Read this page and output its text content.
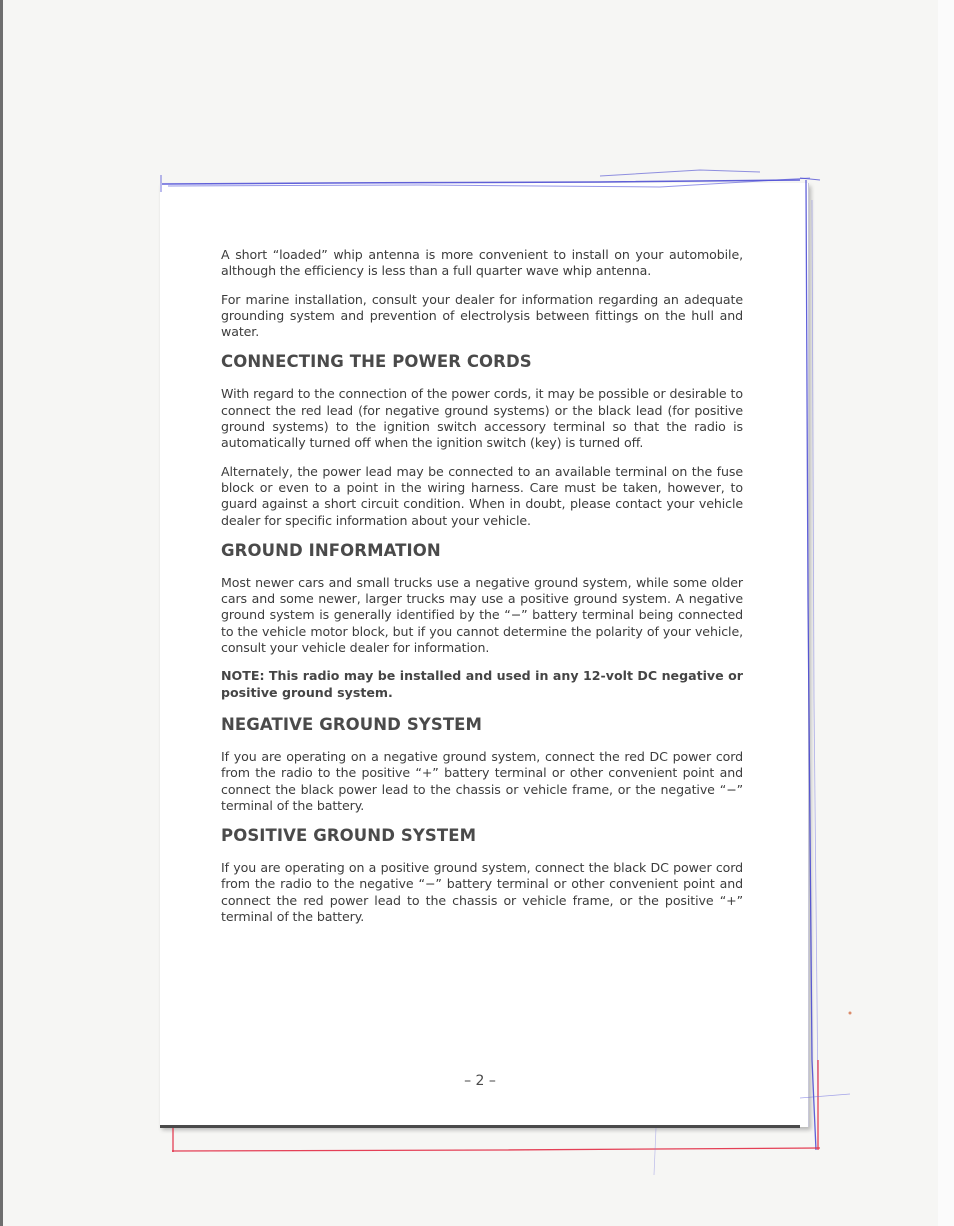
A short “loaded” whip antenna is more convenient to install on your automobile, although the efficiency is less than a full quarter wave whip antenna.

For marine installation, consult your dealer for information regarding an adequate grounding system and prevention of electrolysis between fittings on the hull and water.

CONNECTING THE POWER CORDS

With regard to the connection of the power cords, it may be possible or desirable to connect the red lead (for negative ground systems) or the black lead (for positive ground systems) to the ignition switch accessory terminal so that the radio is automatically turned off when the ignition switch (key) is turned off.

Alternately, the power lead may be connected to an available terminal on the fuse block or even to a point in the wiring harness. Care must be taken, however, to guard against a short circuit condition. When in doubt, please contact your vehicle dealer for specific information about your vehicle.

GROUND INFORMATION

Most newer cars and small trucks use a negative ground system, while some older cars and some newer, larger trucks may use a positive ground system. A negative ground system is generally identified by the “−” battery terminal being connected to the vehicle motor block, but if you cannot determine the polarity of your vehicle, consult your vehicle dealer for information.

NOTE: This radio may be installed and used in any 12-volt DC negative or positive ground system.

NEGATIVE GROUND SYSTEM

If you are operating on a negative ground system, connect the red DC power cord from the radio to the positive “+” battery terminal or other convenient point and connect the black power lead to the chassis or vehicle frame, or the negative “−” terminal of the battery.

POSITIVE GROUND SYSTEM

If you are operating on a positive ground system, connect the black DC power cord from the radio to the negative “−” battery terminal or other convenient point and connect the red power lead to the chassis or vehicle frame, or the positive “+” terminal of the battery.

– 2 –
